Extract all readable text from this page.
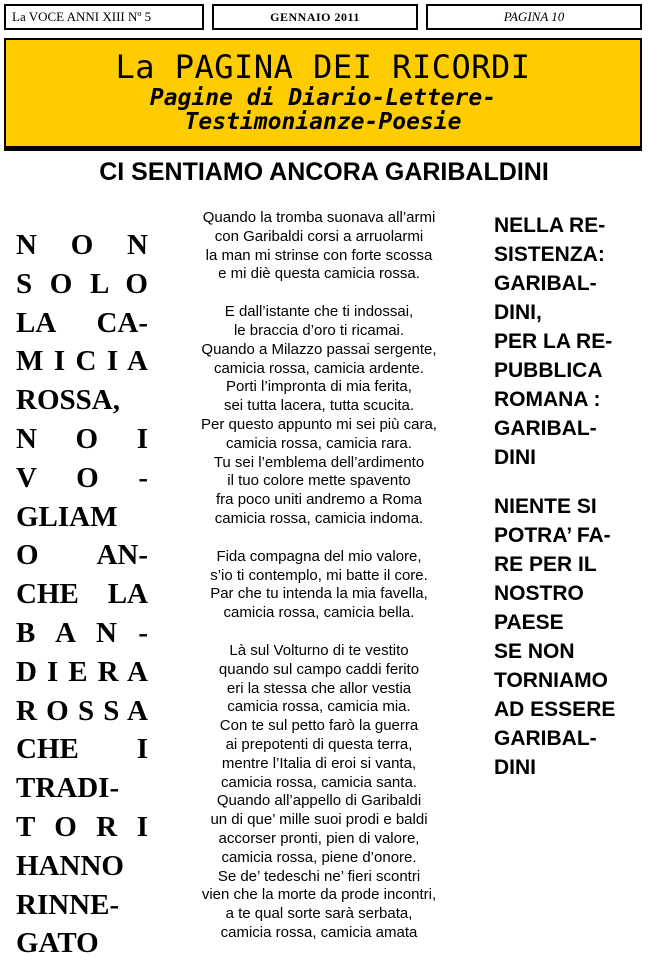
La VOCE ANNI XIII Nº 5	GENNAIO 2011	PAGINA 10
La PAGINA DEI RICORDI
Pagine di Diario-Lettere-
Testimonianze-Poesie
CI SENTIAMO ANCORA GARIBALDINI
N O N
S O L O
LA CA-
M I C I A
ROSSA,
N O I
V O -
GLIAM
O AN-
CHE LA
B A N -
D I E R A
R O S S A
CHE I
TRADI-
T O R I
HANNO
RINNE-
GATO
Quando la tromba suonava all’armi
con Garibaldi corsi a arruolarmi
la man mi strinse con forte scossa
e mi diè questa camicia rossa.
E dall’istante che ti indossai,
le braccia d’oro ti ricamai.
Quando a Milazzo passai sergente,
camicia rossa, camicia ardente.
Porti l’impronta di mia ferita,
sei tutta lacera, tutta scucita.
Per questo appunto mi sei più cara,
camicia rossa, camicia rara.
Tu sei l’emblema dell’ardimento
il tuo colore mette spavento
fra poco uniti andremo a Roma
camicia rossa, camicia indoma.
Fida compagna del mio valore,
s’io ti contemplo, mi batte il core.
Par che tu intenda la mia favella,
camicia rossa, camicia bella.
Là sul Volturno di te vestito
quando sul campo caddi ferito
eri la stessa che allor vestia
camicia rossa, camicia mia.
Con te sul petto farò la guerra
ai prepotenti di questa terra,
mentre l’Italia di eroi si vanta,
camicia rossa, camicia santa.
Quando all’appello di Garibaldi
un di que’ mille suoi prodi e baldi
accorser pronti, pien di valore,
camicia rossa, piene d’onore.
Se de’ tedeschi ne’ fieri scontri
vien che la morte da prode incontri,
a te qual sorte sarà serbata,
camicia rossa, camicia amata
NELLA RE-
SISTENZA:
GARIBAL-
DINI,
PER LA RE-
PUBBLICA
ROMANA :
GARIBAL-
DINI
NIENTE SI
POTRA’ FA-
RE PER IL
NOSTRO
PAESE
SE NON
TORNIAMO
AD ESSERE
GARIBAL-
DINI
